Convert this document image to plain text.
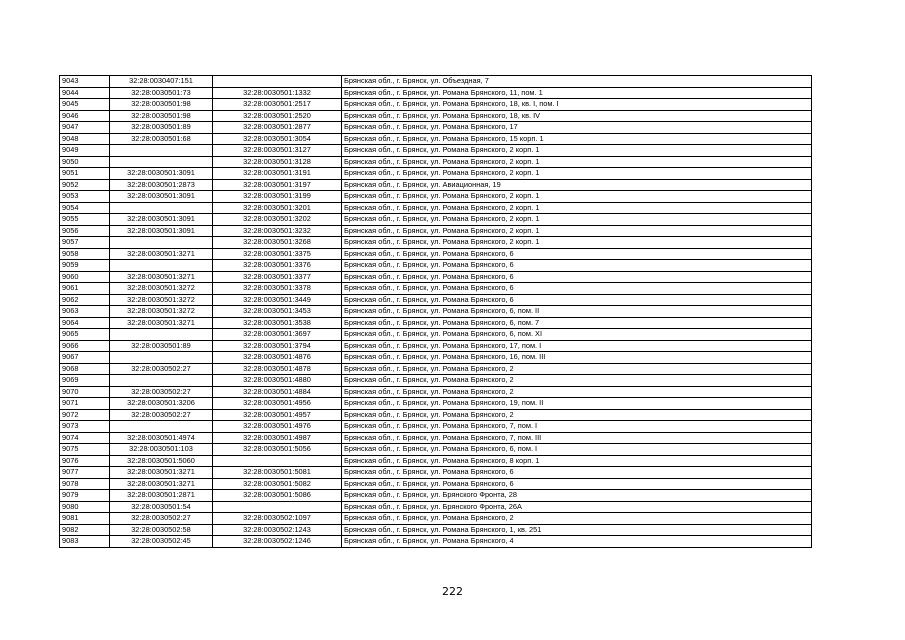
9043	32:28:0030407:151		Брянская обл., г. Брянск, ул. Объездная, 7
9044	32:28:0030501:73	32:28:0030501:1332	Брянская обл., г. Брянск, ул. Романа Брянского, 11, пом. 1
9045	32:28:0030501:98	32:28:0030501:2517	Брянская обл., г. Брянск, ул. Романа Брянского, 18, кв. I, пом. I
9046	32:28:0030501:98	32:28:0030501:2520	Брянская обл., г. Брянск, ул. Романа Брянского, 18, кв. IV
9047	32:28:0030501:89	32:28:0030501:2877	Брянская обл., г. Брянск, ул. Романа Брянского, 17
9048	32:28:0030501:68	32:28:0030501:3054	Брянская обл., г. Брянск, ул. Романа Брянского, 15 корп. 1
9049		32:28:0030501:3127	Брянская обл., г. Брянск, ул. Романа Брянского, 2 корп. 1
9050		32:28:0030501:3128	Брянская обл., г. Брянск, ул. Романа Брянского, 2 корп. 1
9051	32:28:0030501:3091	32:28:0030501:3191	Брянская обл., г. Брянск, ул. Романа Брянского, 2 корп. 1
9052	32:28:0030501:2873	32:28:0030501:3197	Брянская обл., г. Брянск, ул. Авиационная, 19
9053	32:28:0030501:3091	32:28:0030501:3199	Брянская обл., г. Брянск, ул. Романа Брянского, 2 корп. 1
9054		32:28:0030501:3201	Брянская обл., г. Брянск, ул. Романа Брянского, 2 корп. 1
9055	32:28:0030501:3091	32:28:0030501:3202	Брянская обл., г. Брянск, ул. Романа Брянского, 2 корп. 1
9056	32:28:0030501:3091	32:28:0030501:3232	Брянская обл., г. Брянск, ул. Романа Брянского, 2 корп. 1
9057		32:28:0030501:3268	Брянская обл., г. Брянск, ул. Романа Брянского, 2 корп. 1
9058	32:28:0030501:3271	32:28:0030501:3375	Брянская обл., г. Брянск, ул. Романа Брянского, 6
9059		32:28:0030501:3376	Брянская обл., г. Брянск, ул. Романа Брянского, 6
9060	32:28:0030501:3271	32:28:0030501:3377	Брянская обл., г. Брянск, ул. Романа Брянского, 6
9061	32:28:0030501:3272	32:28:0030501:3378	Брянская обл., г. Брянск, ул. Романа Брянского, 6
9062	32:28:0030501:3272	32:28:0030501:3449	Брянская обл., г. Брянск, ул. Романа Брянского, 6
9063	32:28:0030501:3272	32:28:0030501:3453	Брянская обл., г. Брянск, ул. Романа Брянского, 6, пом. II
9064	32:28:0030501:3271	32:28:0030501:3538	Брянская обл., г. Брянск, ул. Романа Брянского, 6, пом. 7
9065		32:28:0030501:3697	Брянская обл., г. Брянск, ул. Романа Брянского, 6, пом. XI
9066	32:28:0030501:89	32:28:0030501:3794	Брянская обл., г. Брянск, ул. Романа Брянского, 17, пом. I
9067		32:28:0030501:4876	Брянская обл., г. Брянск, ул. Романа Брянского, 16, пом. III
9068	32:28:0030502:27	32:28:0030501:4878	Брянская обл., г. Брянск, ул. Романа Брянского, 2
9069		32:28:0030501:4880	Брянская обл., г. Брянск, ул. Романа Брянского, 2
9070	32:28:0030502:27	32:28:0030501:4884	Брянская обл., г. Брянск, ул. Романа Брянского, 2
9071	32:28:0030501:3206	32:28:0030501:4956	Брянская обл., г. Брянск, ул. Романа Брянского, 19, пом. II
9072	32:28:0030502:27	32:28:0030501:4957	Брянская обл., г. Брянск, ул. Романа Брянского, 2
9073		32:28:0030501:4976	Брянская обл., г. Брянск, ул. Романа Брянского, 7, пом. I
9074	32:28:0030501:4974	32:28:0030501:4987	Брянская обл., г. Брянск, ул. Романа Брянского, 7, пом. III
9075	32:28:0030501:103	32:28:0030501:5056	Брянская обл., г. Брянск, ул. Романа Брянского, 6, пом. I
9076	32:28:0030501:5060		Брянская обл., г. Брянск, ул. Романа Брянского, 8 корп. 1
9077	32:28:0030501:3271	32:28:0030501:5081	Брянская обл., г. Брянск, ул. Романа Брянского, 6
9078	32:28:0030501:3271	32:28:0030501:5082	Брянская обл., г. Брянск, ул. Романа Брянского, 6
9079	32:28:0030501:2871	32:28:0030501:5086	Брянская обл., г. Брянск, ул. Брянского Фронта, 28
9080	32:28:0030501:54		Брянская обл., г. Брянск, ул. Брянского Фронта, 26А
9081	32:28:0030502:27	32:28:0030502:1097	Брянская обл., г. Брянск, ул. Романа Брянского, 2
9082	32:28:0030502:58	32:28:0030502:1243	Брянская обл., г. Брянск, ул. Романа Брянского, 1, кв. 251
9083	32:28:0030502:45	32:28:0030502:1246	Брянская обл., г. Брянск, ул. Романа Брянского, 4
222
